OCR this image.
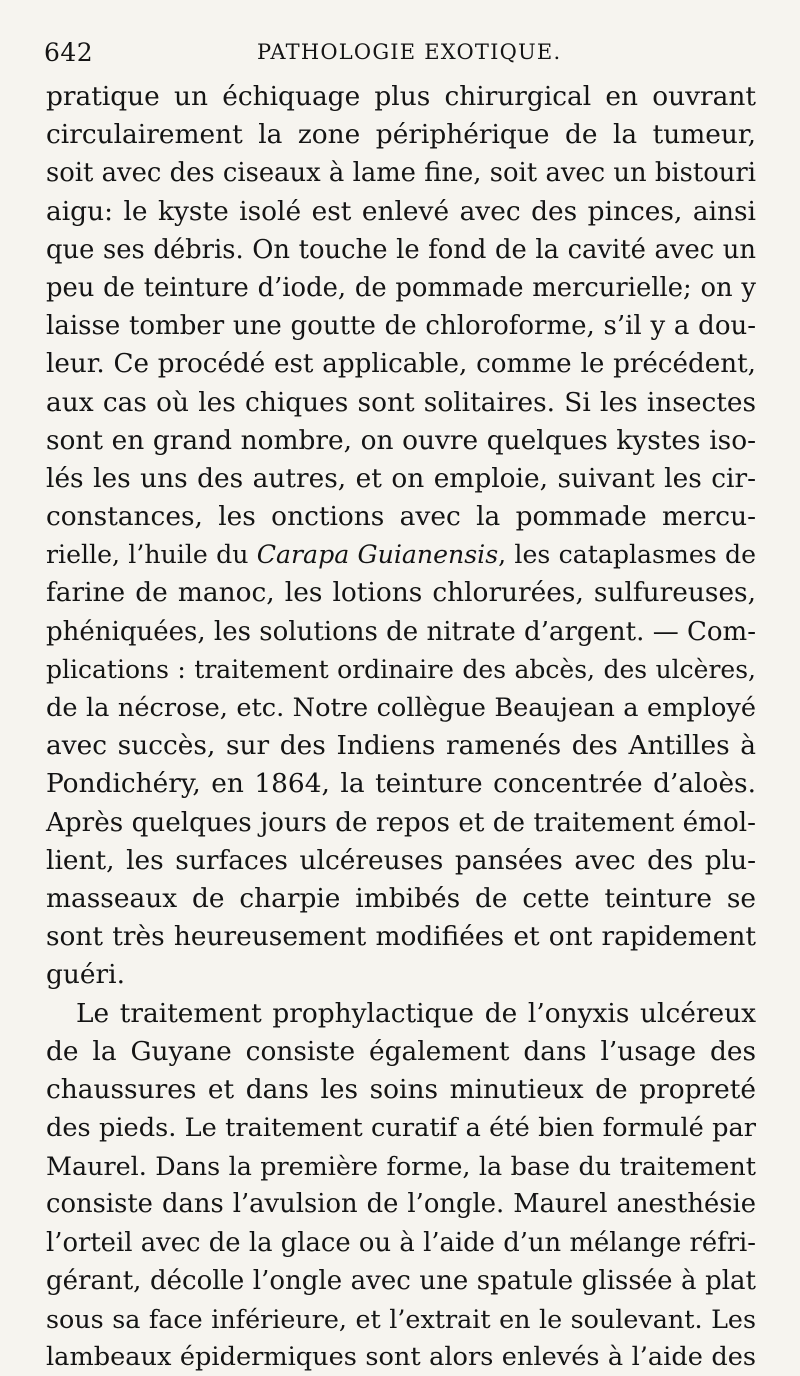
642	PATHOLOGIE EXOTIQUE.
pratique un échiquage plus chirurgical en ouvrant
circulairement la zone périphérique de la tumeur,
soit avec des ciseaux à lame fine, soit avec un bistouri
aigu: le kyste isolé est enlevé avec des pinces, ainsi
que ses débris. On touche le fond de la cavité avec un
peu de teinture d’iode, de pommade mercurielle; on y
laisse tomber une goutte de chloroforme, s’il y a dou-
leur. Ce procédé est applicable, comme le précédent,
aux cas où les chiques sont solitaires. Si les insectes
sont en grand nombre, on ouvre quelques kystes iso-
lés les uns des autres, et on emploie, suivant les cir-
constances, les onctions avec la pommade mercu-
rielle, l’huile du Carapa Guianensis, les cataplasmes de
farine de manoc, les lotions chlorurées, sulfureuses,
phéniquées, les solutions de nitrate d’argent. — Com-
plications : traitement ordinaire des abcès, des ulcères,
de la nécrose, etc. Notre collègue Beaujean a employé
avec succès, sur des Indiens ramenés des Antilles à
Pondichéry, en 1864, la teinture concentrée d’aloès.
Après quelques jours de repos et de traitement émol-
lient, les surfaces ulcéreuses pansées avec des plu-
masseaux de charpie imbibés de cette teinture se
sont très heureusement modifiées et ont rapidement
guéri.
Le traitement prophylactique de l’onyxis ulcéreux
de la Guyane consiste également dans l’usage des
chaussures et dans les soins minutieux de propreté
des pieds. Le traitement curatif a été bien formulé par
Maurel. Dans la première forme, la base du traitement
consiste dans l’avulsion de l’ongle. Maurel anesthésie
l’orteil avec de la glace ou à l’aide d’un mélange réfri-
gérant, décolle l’ongle avec une spatule glissée à plat
sous sa face inférieure, et l’extrait en le soulevant. Les
lambeaux épidermiques sont alors enlevés à l’aide des
